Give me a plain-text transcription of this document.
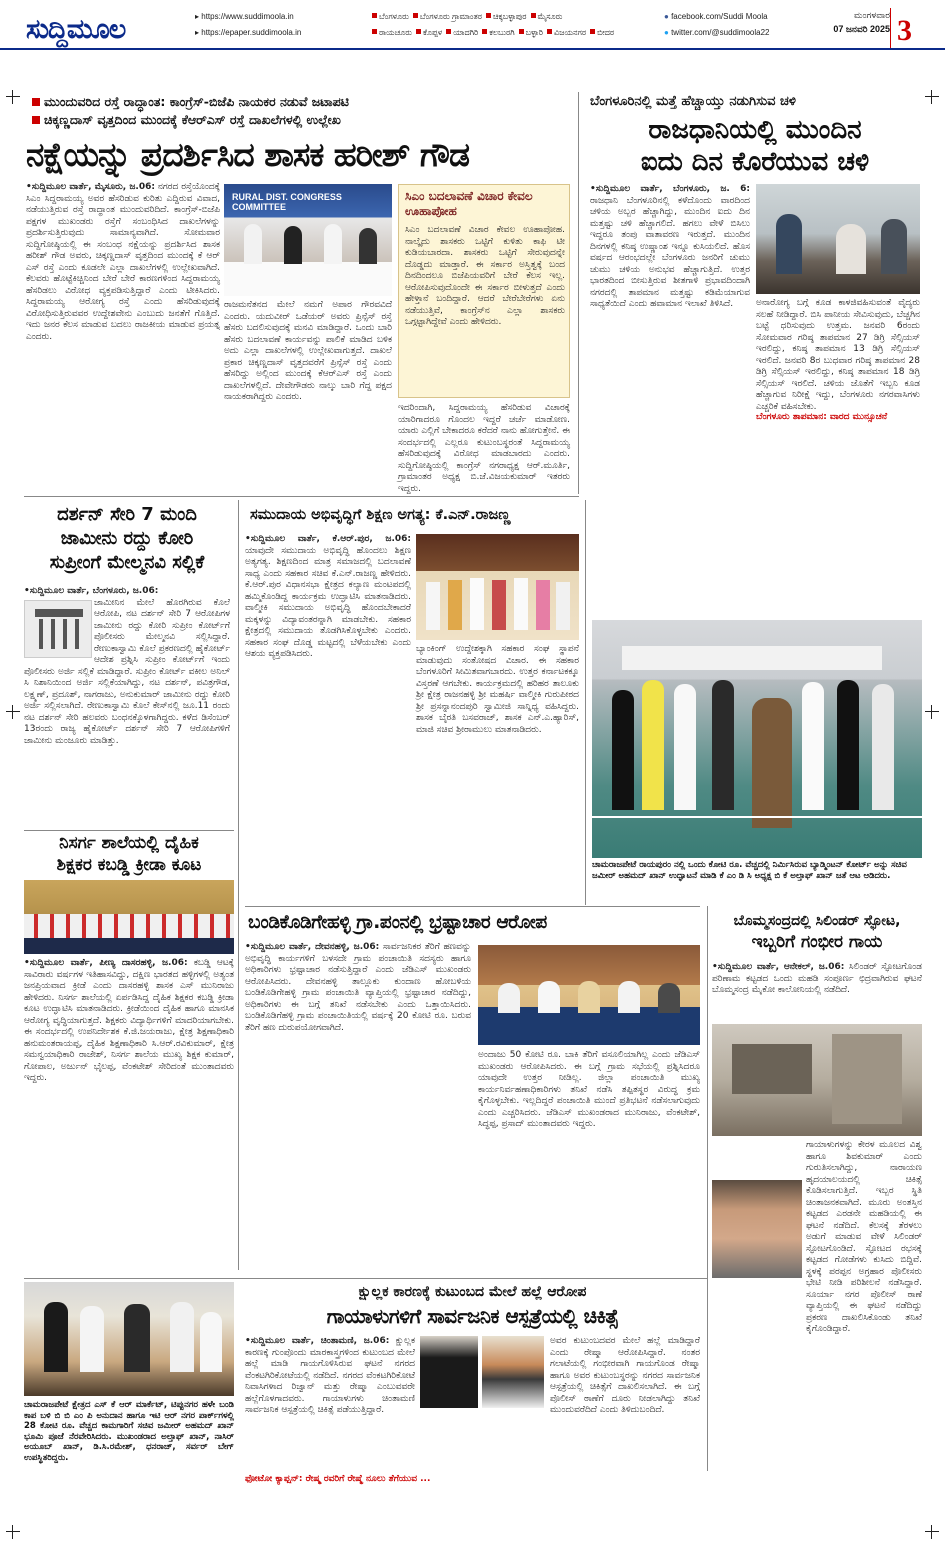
ಸುದ್ದಿಮೂಲ	▸ https://www.suddimoola.in
▸ https://epaper.suddimoola.in
ಬೆಂಗಳೂರು ಬೆಂಗಳೂರು ಗ್ರಾಮಾಂತರ ಚಿಕ್ಕಬಳ್ಳಾಪುರ ಮೈಸೂರು
ರಾಯಚೂರು ಕೊಪ್ಪಳ ಯಾದಗಿರಿ ಕಲಬುರಗಿ ಬಳ್ಳಾರಿ ವಿಜಯನಗರ ಬೀದರ
● facebook.com/Suddi Moola
● twitter.com/@suddimoola22
ಮಂಗಳವಾರ
07 ಜನವರಿ 2025 3
ಮುಂದುವರಿದ ರಸ್ತೆ ರಾದ್ಧಾಂತ: ಕಾಂಗ್ರೆಸ್-ಬಿಜೆಪಿ ನಾಯಕರ ನಡುವೆ ಜಟಾಪಟಿ
ಚಿಕ್ಕಣ್ಣದಾಸ್ ವೃತ್ತದಿಂದ ಮುಂದಕ್ಕೆ ಕೆಆರ್‌ಎಸ್ ರಸ್ತೆ ದಾಖಲೆಗಳಲ್ಲಿ ಉಲ್ಲೇಖ
ನಕ್ಷೆಯನ್ನು ಪ್ರದರ್ಶಿಸಿದ ಶಾಸಕ ಹರೀಶ್ ಗೌಡ
•ಸುದ್ದಿಮೂಲ ವಾರ್ತೆ, ಮೈಸೂರು, ಜ.06: ನಗರದ ರಸ್ತೆಯೊಂದಕ್ಕೆ ಸಿಎಂ ಸಿದ್ದರಾಮಯ್ಯ ಅವರ ಹೆಸರಿಡುವ ಕುರಿತು ಎದ್ದಿರುವ ವಿವಾದ, ನಡೆಯುತ್ತಿರುವ ರಸ್ತೆ ರಾದ್ಧಾಂತ ಮುಂದುವರಿದಿದೆ. ಕಾಂಗ್ರೆಸ್-ಬಿಜೆಪಿ ಪಕ್ಷಗಳ ಮುಖಂಡರು ರಸ್ತೆಗೆ ಸಂಬಂಧಿಸಿದ ದಾಖಲೆಗಳನ್ನು ಪ್ರದರ್ಶಿಸುತ್ತಿರುವುದು ಸಾಮಾನ್ಯವಾಗಿದೆ. ಸೋಮವಾರ ಸುದ್ದಿಗೋಷ್ಠಿಯಲ್ಲಿ ಈ ಸಂಬಂಧ ನಕ್ಷೆಯನ್ನು ಪ್ರದರ್ಶಿಸಿದ ಶಾಸಕ ಹರೀಶ್ ಗೌಡ ಅವರು, ಚಿಕ್ಕಣ್ಣದಾಸ್ ವೃತ್ತದಿಂದ ಮುಂದಕ್ಕೆ ಕೆ ಆರ್ ಎಸ್ ರಸ್ತೆ ಎಂದು ಕೂಡಲೇ ಎಲ್ಲಾ ದಾಖಲೆಗಳಲ್ಲಿ ಉಲ್ಲೇಖವಾಗಿದೆ. ಕೆಲವರು ಹೊಟ್ಟೆಕಿಚ್ಚಿನಿಂದ ಬೇರೆ ಬೇರೆ ಕಾರಣಗಳಿಂದ ಸಿದ್ದರಾಮಯ್ಯ ಹೆಸರಿಡಲು ವಿರೋಧ ವ್ಯಕ್ತಪಡಿಸುತ್ತಿದ್ದಾರೆ ಎಂದು ಟೀಕಿಸಿದರು. ಸಿದ್ದರಾಮಯ್ಯ ಆರೋಗ್ಯ ರಸ್ತೆ ಎಂದು ಹೆಸರಿಡುವುದಕ್ಕೆ ವಿರೋಧಿಸುತ್ತಿರುವವರ ಉದ್ದೇಶವೇನು ಎಂಬುದು ಜನತೆಗೆ ಗೊತ್ತಿದೆ. ಇದು ಜನರ ಕೆಲಸ ಮಾಡುವ ಬದಲು ರಾಜಕೀಯ ಮಾಡುವ ಪ್ರಯತ್ನ ಎಂದರು.
RURAL DIST. CONGRESS COMMITTEE
ರಾಜಮನೆತನದ ಮೇಲೆ ನಮಗೆ ಅಪಾರ ಗೌರವವಿದೆ ಎಂದರು. ಯದುವೀರ್ ಒಡೆಯರ್ ಅವರು ಪ್ರಿನ್ಸೆಸ್ ರಸ್ತೆ ಹೆಸರು ಬದಲಿಸುವುದಕ್ಕೆ ಮನವಿ ಮಾಡಿದ್ದಾರೆ. ಒಂದು ಬಾರಿ ಹೆಸರು ಬದಲಾವಣೆ ಕಾರ್ಯವನ್ನು ಪಾಲಿಕೆ ಮಾಡಿದ ಬಳಿಕ ಅದು ಎಲ್ಲಾ ದಾಖಲೆಗಳಲ್ಲಿ ಉಲ್ಲೇಖವಾಗುತ್ತದೆ. ದಾಖಲೆ ಪ್ರಕಾರ ಚಿಕ್ಕಣ್ಣದಾಸ್ ವೃತ್ತದವರೆಗೆ ಪ್ರಿನ್ಸೆಸ್ ರಸ್ತೆ ಎಂದು ಹೆಸರಿದ್ದು ಅಲ್ಲಿಂದ ಮುಂದಕ್ಕೆ ಕೆಆರ್‌ಎಸ್ ರಸ್ತೆ ಎಂದು ದಾಖಲೆಗಳಲ್ಲಿದೆ. ದೇವೇಗೌಡರು ನಾಲ್ಕು ಬಾರಿ ಗೆದ್ದ ಪಕ್ಷದ ನಾಯಕರಾಗಿದ್ದರು ಎಂದರು.
ಇದರಿಂದಾಗಿ, ಸಿದ್ದರಾಮಯ್ಯ ಹೆಸರಿಡುವ ವಿಚಾರಕ್ಕೆ ಯಾರಿಗಾದರೂ ಗೊಂದಲ ಇದ್ದರೆ ಚರ್ಚೆ ಮಾಡೋಣ. ಯಾರು ಎಲ್ಲಿಗೆ ಬೇಕಾದರೂ ಕರೆದರೆ ನಾನು ಹೋಗುತ್ತೇನೆ. ಈ ಸಂದರ್ಭದಲ್ಲಿ ಎಲ್ಲರೂ ಕುಟುಂಬಸ್ಥರಂತೆ ಸಿದ್ದರಾಮಯ್ಯ ಹೆಸರಿಡುವುದಕ್ಕೆ ವಿರೋಧ ಮಾಡಬಾರದು ಎಂದರು. ಸುದ್ದಿಗೋಷ್ಠಿಯಲ್ಲಿ ಕಾಂಗ್ರೆಸ್ ನಗರಾಧ್ಯಕ್ಷ ಆರ್.ಮೂರ್ತಿ, ಗ್ರಾಮಾಂತರ ಅಧ್ಯಕ್ಷ ಬಿ.ಜೆ.ವಿಜಯಕುಮಾರ್ ಇತರರು ಇದ್ದರು.
ಸಿಎಂ ಬದಲಾವಣೆ ವಿಚಾರ ಕೇವಲ ಊಹಾಪೋಹ
ಸಿಎಂ ಬದಲಾವಣೆ ವಿಚಾರ ಕೇವಲ ಊಹಾಪೋಹ. ನಾಲ್ಕೈದು ಶಾಸಕರು ಒಟ್ಟಿಗೆ ಕುಳಿತು ಕಾಫಿ ಟೀ ಕುಡಿಯಬಾರದಾ. ಶಾಸಕರು ಒಟ್ಟಿಗೆ ಸೇರುವುದನ್ನೇ ದೊಡ್ಡದು ಮಾಡ್ತಾರೆ. ಈ ಸರ್ಕಾರ ಅಸ್ತಿತ್ವಕ್ಕೆ ಬಂದ ದಿನದಿಂದಲೂ ಬಿಜೆಪಿಯವರಿಗೆ ಬೇರೆ ಕೆಲಸ ಇಲ್ಲ. ಆರೋಪಿಸುವುದೊಂದೇ ಈ ಸರ್ಕಾರ ಬೀಳುತ್ತದೆ ಎಂದು ಹೇಳ್ತಾನೆ ಬಂದಿದ್ದಾರೆ. ಆದರೆ ಬೇರೆಬೇರೆಗಳು ಏನು ನಡೆಯುತ್ತಿವೆ, ಕಾಂಗ್ರೆಸ್‌ನ ಎಲ್ಲಾ ಶಾಸಕರು ಒಗ್ಗಟ್ಟಾಗಿದ್ದೇವೆ ಎಂದು ಹೇಳಿದರು.
ಬೆಂಗಳೂರಿನಲ್ಲಿ ಮತ್ತೆ ಹೆಚ್ಚಾಯ್ತು ನಡುಗಿಸುವ ಚಳಿ
ರಾಜಧಾನಿಯಲ್ಲಿ ಮುಂದಿನ
ಐದು ದಿನ ಕೊರೆಯುವ ಚಳಿ
•ಸುದ್ದಿಮೂಲ ವಾರ್ತೆ, ಬೆಂಗಳೂರು, ಜ. 6: ರಾಜಧಾನಿ ಬೆಂಗಳೂರಿನಲ್ಲಿ ಕಳೆದೊಂದು ವಾರದಿಂದ ಚಳಿಯ ಅಬ್ಬರ ಹೆಚ್ಚಾಗಿದ್ದು, ಮುಂದಿನ ಐದು ದಿನ ಮತ್ತಷ್ಟು ಚಳಿ ಹೆಚ್ಚಾಗಲಿದೆ. ಹಗಲು ವೇಳೆ ಬಿಸಿಲು ಇದ್ದರೂ ತಂಪು ವಾತಾವರಣ ಇರುತ್ತದೆ. ಮುಂದಿನ ದಿನಗಳಲ್ಲಿ ಕನಿಷ್ಠ ಉಷ್ಣಾಂಶ ಇನ್ನೂ ಕುಸಿಯಲಿದೆ. ಹೊಸ ವರ್ಷದ ಆರಂಭದಲ್ಲೇ ಬೆಂಗಳೂರು ಜನರಿಗೆ ಚುಮು ಚುಮು ಚಳಿಯ ಅನುಭವ ಹೆಚ್ಚಾಗುತ್ತಿದೆ. ಉತ್ತರ ಭಾರತದಿಂದ ಬೀಸುತ್ತಿರುವ ಶೀತಗಾಳಿ ಪ್ರಭಾವದಿಂದಾಗಿ ನಗರದಲ್ಲಿ ತಾಪಮಾನ ಮತ್ತಷ್ಟು ಕಡಿಮೆಯಾಗುವ ಸಾಧ್ಯತೆಯಿದೆ ಎಂದು ಹವಾಮಾನ ಇಲಾಖೆ ತಿಳಿಸಿದೆ.	ಅನಾರೋಗ್ಯ ಬಗ್ಗೆ ಕೂಡ ಕಾಳಜಿವಹಿಸುವಂತೆ ವೈದ್ಯರು ಸಲಹೆ ನೀಡಿದ್ದಾರೆ. ಬಿಸಿ ಪಾನೀಯ ಸೇವಿಸುವುದು, ಬೆಚ್ಚಗಿನ ಬಟ್ಟೆ ಧರಿಸುವುದು ಉತ್ತಮ. ಜನವರಿ 6ರಂದು ಸೋಮವಾರ ಗರಿಷ್ಠ ತಾಪಮಾನ 27 ಡಿಗ್ರಿ ಸೆಲ್ಸಿಯಸ್ ಇರಲಿದ್ದು, ಕನಿಷ್ಠ ತಾಪಮಾನ 13 ಡಿಗ್ರಿ ಸೆಲ್ಸಿಯಸ್ ಇರಲಿದೆ. ಜನವರಿ 8ರ ಬುಧವಾರ ಗರಿಷ್ಠ ತಾಪಮಾನ 28 ಡಿಗ್ರಿ ಸೆಲ್ಸಿಯಸ್ ಇರಲಿದ್ದು, ಕನಿಷ್ಠ ತಾಪಮಾನ 18 ಡಿಗ್ರಿ ಸೆಲ್ಸಿಯಸ್ ಇರಲಿದೆ. ಚಳಿಯ ಜೊತೆಗೆ ಇಬ್ಬನಿ ಕೂಡ ಹೆಚ್ಚಾಗುವ ನಿರೀಕ್ಷೆ ಇದ್ದು, ಬೆಂಗಳೂರು ನಗರವಾಸಿಗಳು ಎಚ್ಚರಿಕೆ ವಹಿಸಬೇಕು.
ಬೆಂಗಳೂರು ತಾಪಮಾನ: ವಾರದ ಮುನ್ಸೂಚನೆ
ದರ್ಶನ್ ಸೇರಿ 7 ಮಂದಿ
ಜಾಮೀನು ರದ್ದು ಕೋರಿ
ಸುಪ್ರೀಂಗೆ ಮೇಲ್ಮನವಿ ಸಲ್ಲಿಕೆ
•ಸುದ್ದಿಮೂಲ ವಾರ್ತೆ, ಬೆಂಗಳೂರು, ಜ.06:

ಜಾಮೀನಿನ ಮೇಲೆ ಹೊರಗಿರುವ ಕೊಲೆ ಆರೋಪಿ, ನಟ ದರ್ಶನ್ ಸೇರಿ 7 ಆರೋಪಿಗಳ ಜಾಮೀನು ರದ್ದು ಕೋರಿ ಸುಪ್ರೀಂ ಕೋರ್ಟ್‌ಗೆ ಪೊಲೀಸರು ಮೇಲ್ಮನವಿ ಸಲ್ಲಿಸಿದ್ದಾರೆ. ರೇಣುಕಾಸ್ವಾಮಿ ಕೊಲೆ ಪ್ರಕರಣದಲ್ಲಿ ಹೈಕೋರ್ಟ್ ಆದೇಶ ಪ್ರಶ್ನಿಸಿ ಸುಪ್ರೀಂ ಕೋರ್ಟ್‌ಗೆ ಇಂದು ಪೊಲೀಸರು ಅರ್ಜಿ ಸಲ್ಲಿಕೆ ಮಾಡಿದ್ದಾರೆ. ಸುಪ್ರೀಂ ಕೋರ್ಟ್ ವಕೀಲ ಅನಿಲ್ ಸಿ ನಿಶಾನಿಯಿಂದ ಅರ್ಜಿ ಸಲ್ಲಿಕೆಯಾಗಿದ್ದು, ನಟ ದರ್ಶನ್, ಪವಿತ್ರಗೌಡ, ಲಕ್ಷ್ಮಣ್, ಪ್ರದೂಶ್, ನಾಗರಾಜು, ಅನುಕುಮಾರ್ ಜಾಮೀನು ರದ್ದು ಕೋರಿ ಅರ್ಜಿ ಸಲ್ಲಿಸಲಾಗಿದೆ. ರೇಣುಕಾಸ್ವಾಮಿ ಕೊಲೆ ಕೇಸ್‌ನಲ್ಲಿ ಜೂ.11 ರಂದು ನಟ ದರ್ಶನ್ ಸೇರಿ ಹಲವರು ಬಂಧನಕ್ಕೊಳಗಾಗಿದ್ದರು. ಕಳೆದ ಡಿಸೆಂಬರ್ 13ರಂದು ರಾಜ್ಯ ಹೈಕೋರ್ಟ್ ದರ್ಶನ್ ಸೇರಿ 7 ಆರೋಪಿಗಳಿಗೆ ಜಾಮೀನು ಮಂಜೂರು ಮಾಡಿತ್ತು.
ನಿಸರ್ಗ ಶಾಲೆಯಲ್ಲಿ ದೈಹಿಕ
ಶಿಕ್ಷಕರ ಕಬಡ್ಡಿ ಕ್ರೀಡಾ ಕೂಟ
•ಸುದ್ದಿಮೂಲ ವಾರ್ತೆ, ಪೀಣ್ಯ ದಾಸರಹಳ್ಳಿ, ಜ.06: ಕಬಡ್ಡಿ ಆಟಕ್ಕೆ ಸಾವಿರಾರು ವರ್ಷಗಳ ಇತಿಹಾಸವಿದ್ದು, ದಕ್ಷಿಣ ಭಾರತದ ಹಳ್ಳಿಗಳಲ್ಲಿ ಅತ್ಯಂತ ಜನಪ್ರಿಯವಾದ ಕ್ರೀಡೆ ಎಂದು ದಾಸರಹಳ್ಳಿ ಶಾಸಕ ಎಸ್ ಮುನಿರಾಜು ಹೇಳಿದರು. ನಿಸರ್ಗ ಶಾಲೆಯಲ್ಲಿ ಏರ್ಪಡಿಸಿದ್ದ ದೈಹಿಕ ಶಿಕ್ಷಕರ ಕಬಡ್ಡಿ ಕ್ರೀಡಾ ಕೂಟ ಉದ್ಘಾಟಿಸಿ ಮಾತನಾಡಿದರು. ಕ್ರೀಡೆಯಿಂದ ದೈಹಿಕ ಹಾಗೂ ಮಾನಸಿಕ ಆರೋಗ್ಯ ವೃದ್ಧಿಯಾಗುತ್ತದೆ. ಶಿಕ್ಷಕರು ವಿದ್ಯಾರ್ಥಿಗಳಿಗೆ ಮಾದರಿಯಾಗಬೇಕು. ಈ ಸಂದರ್ಭದಲ್ಲಿ ಉಪನಿರ್ದೇಶಕ ಕೆ.ಜಿ.ಜಯರಾಜು, ಕ್ಷೇತ್ರ ಶಿಕ್ಷಣಾಧಿಕಾರಿ ಹನುಮಂತರಾಯಪ್ಪ, ದೈಹಿಕ ಶಿಕ್ಷಣಾಧಿಕಾರಿ ಸಿ.ಆರ್.ರವಿಕುಮಾರ್, ಕ್ಷೇತ್ರ ಸಮನ್ವಯಾಧಿಕಾರಿ ರಾಜೇಶ್, ನಿಸರ್ಗ ಶಾಲೆಯ ಮುಖ್ಯ ಶಿಕ್ಷಕ ಕುಮಾರ್, ಗೋಪಾಲ, ಅರ್ಜುನ್ ಭೈಲಪ್ಪ, ವೆಂಕಟೇಶ್ ಸೇರಿದಂತೆ ಮುಂತಾದವರು ಇದ್ದರು.
ಸಮುದಾಯ ಅಭಿವೃದ್ಧಿಗೆ ಶಿಕ್ಷಣ ಅಗತ್ಯ: ಕೆ.ಎನ್.ರಾಜಣ್ಣ
•ಸುದ್ದಿಮೂಲ ವಾರ್ತೆ, ಕೆ.ಆರ್.ಪುರ, ಜ.06: ಯಾವುದೇ ಸಮುದಾಯ ಅಭಿವೃದ್ಧಿ ಹೊಂದಲು ಶಿಕ್ಷಣ ಅತ್ಯಗತ್ಯ. ಶಿಕ್ಷಣದಿಂದ ಮಾತ್ರ ಸಮಾಜದಲ್ಲಿ ಬದಲಾವಣೆ ಸಾಧ್ಯ ಎಂದು ಸಹಕಾರ ಸಚಿವ ಕೆ.ಎನ್.ರಾಜಣ್ಣ ಹೇಳಿದರು. ಕೆ.ಆರ್.ಪುರ ವಿಧಾನಸಭಾ ಕ್ಷೇತ್ರದ ಕಲ್ಯಾಣ ಮಂಟಪದಲ್ಲಿ ಹಮ್ಮಿಕೊಂಡಿದ್ದ ಕಾರ್ಯಕ್ರಮ ಉದ್ಘಾಟಿಸಿ ಮಾತನಾಡಿದರು. ವಾಲ್ಮೀಕಿ ಸಮುದಾಯ ಅಭಿವೃದ್ಧಿ ಹೊಂದಬೇಕಾದರೆ ಮಕ್ಕಳನ್ನು ವಿದ್ಯಾವಂತರನ್ನಾಗಿ ಮಾಡಬೇಕು. ಸಹಕಾರ ಕ್ಷೇತ್ರದಲ್ಲಿ ಸಮುದಾಯ ತೊಡಗಿಸಿಕೊಳ್ಳಬೇಕು ಎಂದರು. ಸಹಕಾರ ಸಂಘ ದೊಡ್ಡ ಮಟ್ಟದಲ್ಲಿ ಬೆಳೆಯಬೇಕು ಎಂದು ಆಶಯ ವ್ಯಕ್ತಪಡಿಸಿದರು.	ಬ್ಯಾಂಕಿಂಗ್ ಉದ್ದೇಶಕ್ಕಾಗಿ ಸಹಕಾರ ಸಂಘ ಸ್ಥಾಪನೆ ಮಾಡುವುದು ಸಂತೋಷದ ವಿಚಾರ. ಈ ಸಹಕಾರ ಬೆಂಗಳೂರಿಗೆ ಸೀಮಿತವಾಗಬಾರದು. ಉತ್ತರ ಕರ್ನಾಟಕಕ್ಕೂ ವಿಸ್ತರಣೆ ಆಗಬೇಕು. ಕಾರ್ಯಕ್ರಮದಲ್ಲಿ ಹರಿಹರ ತಾಲೂಕು ಶ್ರೀ ಕ್ಷೇತ್ರ ರಾಜನಹಳ್ಳಿ ಶ್ರೀ ಮಹರ್ಷಿ ವಾಲ್ಮೀಕಿ ಗುರುಪೀಠದ ಶ್ರೀ ಪ್ರಸನ್ನಾನಂದಪುರಿ ಸ್ವಾಮೀಜಿ ಸಾನ್ನಿಧ್ಯ ವಹಿಸಿದ್ದರು. ಶಾಸಕ ಬೈರತಿ ಬಸವರಾಜ್, ಶಾಸಕ ಎನ್.ಎ.ಹ್ಯಾರಿಸ್, ಮಾಜಿ ಸಚಿವ ಶ್ರೀರಾಮುಲು ಮಾತನಾಡಿದರು.
ಚಾಮರಾಜಪೇಟೆ ರಾಯಪುರಂ ನಲ್ಲಿ ಒಂದು ಕೋಟಿ ರೂ. ವೆಚ್ಚದಲ್ಲಿ ನಿರ್ಮಿಸಿರುವ ಬ್ಯಾಡ್ಮಿಂಟನ್ ಕೋರ್ಟ್ ಅನ್ನು ಸಚಿವ ಜಮೀರ್ ಅಹಮದ್ ಖಾನ್ ಉದ್ಘಾಟನೆ ಮಾಡಿ ಕೆ ಎಂ ಡಿ ಸಿ ಅಧ್ಯಕ್ಷ ಬಿ ಕೆ ಅಲ್ತಾಫ್ ಖಾನ್ ಜತೆ ಆಟ ಆಡಿದರು.
ಬಂಡಿಕೊಡಿಗೇಹಳ್ಳಿ ಗ್ರಾ.ಪಂನಲ್ಲಿ ಭ್ರಷ್ಟಾಚಾರ ಆರೋಪ
•ಸುದ್ದಿಮೂಲ ವಾರ್ತೆ, ದೇವನಹಳ್ಳಿ, ಜ.06: ಸಾರ್ವಜನಿಕರ ತೆರಿಗೆ ಹಣವನ್ನು ಅಭಿವೃದ್ಧಿ ಕಾರ್ಯಗಳಿಗೆ ಬಳಸದೇ ಗ್ರಾಮ ಪಂಚಾಯಿತಿ ಸದಸ್ಯರು ಹಾಗೂ ಅಧಿಕಾರಿಗಳು ಭ್ರಷ್ಟಾಚಾರ ನಡೆಸುತ್ತಿದ್ದಾರೆ ಎಂದು ಜೆಡಿಎಸ್ ಮುಖಂಡರು ಆರೋಪಿಸಿದರು. ದೇವನಹಳ್ಳಿ ತಾಲ್ಲೂಕು ಕುಂದಾಣ ಹೋಬಳಿಯ ಬಂಡಿಕೊಡಿಗೇಹಳ್ಳಿ ಗ್ರಾಮ ಪಂಚಾಯಿತಿ ವ್ಯಾಪ್ತಿಯಲ್ಲಿ ಭ್ರಷ್ಟಾಚಾರ ನಡೆದಿದ್ದು, ಅಧಿಕಾರಿಗಳು ಈ ಬಗ್ಗೆ ತನಿಖೆ ನಡೆಸಬೇಕು ಎಂದು ಒತ್ತಾಯಿಸಿದರು. ಬಂಡಿಕೊಡಿಗೆಹಳ್ಳಿ ಗ್ರಾಮ ಪಂಚಾಯಿತಿಯಲ್ಲಿ ವರ್ಷಕ್ಕೆ 20 ಕೋಟಿ ರೂ. ಬರುವ ತೆರಿಗೆ ಹಣ ದುರುಪಯೋಗವಾಗಿದೆ.
ಅಂದಾಜು 50 ಕೋಟಿ ರೂ. ಬಾಕಿ ತೆರಿಗೆ ವಸೂಲಿಯಾಗಿಲ್ಲ ಎಂದು ಜೆಡಿಎಸ್ ಮುಖಂಡರು ಆರೋಪಿಸಿದರು. ಈ ಬಗ್ಗೆ ಗ್ರಾಮ ಸಭೆಯಲ್ಲಿ ಪ್ರಶ್ನಿಸಿದರೂ ಯಾವುದೇ ಉತ್ತರ ನೀಡಿಲ್ಲ. ಜಿಲ್ಲಾ ಪಂಚಾಯಿತಿ ಮುಖ್ಯ ಕಾರ್ಯನಿರ್ವಹಣಾಧಿಕಾರಿಗಳು ತನಿಖೆ ನಡೆಸಿ ತಪ್ಪಿತಸ್ಥರ ವಿರುದ್ಧ ಕ್ರಮ ಕೈಗೊಳ್ಳಬೇಕು. ಇಲ್ಲದಿದ್ದರೆ ಪಂಚಾಯಿತಿ ಮುಂದೆ ಪ್ರತಿಭಟನೆ ನಡೆಸಲಾಗುವುದು ಎಂದು ಎಚ್ಚರಿಸಿದರು. ಜೆಡಿಎಸ್ ಮುಖಂಡರಾದ ಮುನಿರಾಜು, ವೆಂಕಟೇಶ್, ಸಿದ್ಧಪ್ಪ, ಪ್ರಸಾದ್ ಮುಂತಾದವರು ಇದ್ದರು.
ಬೊಮ್ಮಸಂದ್ರದಲ್ಲಿ ಸಿಲಿಂಡರ್ ಸ್ಫೋಟ,
ಇಬ್ಬರಿಗೆ ಗಂಭೀರ ಗಾಯ
•ಸುದ್ದಿಮೂಲ ವಾರ್ತೆ, ಆನೇಕಲ್, ಜ.06: ಸಿಲಿಂಡರ್ ಸ್ಫೋಟಗೊಂಡ ಪರಿಣಾಮ ಕಟ್ಟಡದ ಒಂದು ಮಹಡಿ ಸಂಪೂರ್ಣ ಛಿದ್ರವಾಗಿರುವ ಘಟನೆ ಬೊಮ್ಮಸಂದ್ರ ಮೈಕೋ ಕಾಲೋನಿಯಲ್ಲಿ ನಡೆದಿದೆ.
ಗಾಯಾಳುಗಳನ್ನು ಕೇರಳ ಮೂಲದ ವಿಶ್ವ ಹಾಗೂ ಶಿವಕುಮಾರ್ ಎಂದು ಗುರುತಿಸಲಾಗಿದ್ದು, ನಾರಾಯಣ ಹೃದಯಾಲಯದಲ್ಲಿ ಚಿಕಿತ್ಸೆ ಕೊಡಿಸಲಾಗುತ್ತಿದೆ. ಇಬ್ಬರ ಸ್ಥಿತಿ ಚಿಂತಾಜನಕವಾಗಿದೆ. ಮೂರು ಅಂತಸ್ತಿನ ಕಟ್ಟಡದ ಎರಡನೇ ಮಹಡಿಯಲ್ಲಿ ಈ ಘಟನೆ ನಡೆದಿದೆ. ಕೆಲಸಕ್ಕೆ ತೆರಳಲು ಅಡುಗೆ ಮಾಡುವ ವೇಳೆ ಸಿಲಿಂಡರ್ ಸ್ಫೋಟಗೊಂಡಿದೆ. ಸ್ಫೋಟದ ರಭಸಕ್ಕೆ ಕಟ್ಟಡದ ಗೋಡೆಗಳು ಕುಸಿದು ಬಿದ್ದಿವೆ. ಸ್ಥಳಕ್ಕೆ ಪರಪ್ಪನ ಅಗ್ರಹಾರ ಪೊಲೀಸರು ಭೇಟಿ ನೀಡಿ ಪರಿಶೀಲನೆ ನಡೆಸಿದ್ದಾರೆ. ಸೂರ್ಯಾ ನಗರ ಪೊಲೀಸ್ ಠಾಣೆ ವ್ಯಾಪ್ತಿಯಲ್ಲಿ ಈ ಘಟನೆ ನಡೆದಿದ್ದು ಪ್ರಕರಣ ದಾಖಲಿಸಿಕೊಂಡು ತನಿಖೆ ಕೈಗೊಂಡಿದ್ದಾರೆ.
ಚಾಮರಾಜಪೇಟೆ ಕ್ಷೇತ್ರದ ಎಸ್ ಕೆ ಆರ್ ಮಾರ್ಕೆಟ್, ಟಿಪ್ಪುನಗರ ಹಳೇ ಬಂಡಿ ಕಾಪ ಬಳಿ ಬಿ ಬಿ ಎಂ ಪಿ ಅನುದಾನ ಹಾಗೂ ಇಟಿ ಆರ್ ನಗರ ಪಾರ್ಕ್‌ಗಳಲ್ಲಿ 28 ಕೋಟಿ ರೂ. ವೆಚ್ಚದ ಕಾಮಗಾರಿಗೆ ಸಚಿವ ಜಮೀರ್ ಅಹಮದ್ ಖಾನ್ ಭೂಮಿ ಪೂಜೆ ನೆರವೇರಿಸಿದರು. ಮುಖಂಡರಾದ ಅಲ್ತಾಫ್ ಖಾನ್, ನಾಸಿರ್ ಅಯೂಬ್ ಖಾನ್, ಡಿ.ಸಿ.ರಮೇಶ್, ಧನರಾಜ್, ಸರ್ವರ್ ಬೇಗ್ ಉಪಸ್ಥಿತರಿದ್ದರು.
ಕ್ಷುಲ್ಲಕ ಕಾರಣಕ್ಕೆ ಕುಟುಂಬದ ಮೇಲೆ ಹಲ್ಲೆ ಆರೋಪ
ಗಾಯಾಳುಗಳಿಗೆ ಸಾರ್ವಜನಿಕ ಆಸ್ಪತ್ರೆಯಲ್ಲಿ ಚಿಕಿತ್ಸೆ
•ಸುದ್ದಿಮೂಲ ವಾರ್ತೆ, ಚಿಂತಾಮಣಿ, ಜ.06: ಕ್ಷುಲ್ಲಕ ಕಾರಣಕ್ಕೆ ಗುಂಪೊಂದು ಮಾರಕಾಸ್ತ್ರಗಳಿಂದ ಕುಟುಂಬದ ಮೇಲೆ ಹಲ್ಲೆ ಮಾಡಿ ಗಾಯಗೊಳಿಸಿರುವ ಘಟನೆ ನಗರದ ವೆಂಕಟಗಿರಿಕೋಟೆಯಲ್ಲಿ ನಡೆದಿದೆ. ನಗರದ ವೆಂಕಟಗಿರಿಕೋಟೆ ನಿವಾಸಿಗಳಾದ ರಿಜ್ವಾನ್ ಮತ್ತು ರೇಷ್ಮಾ ಎಂಬುವವರೇ ಹಲ್ಲೆಗೊಳಗಾದವರು. ಗಾಯಾಳುಗಳು ಚಿಂತಾಮಣಿ ಸಾರ್ವಜನಿಕ ಆಸ್ಪತ್ರೆಯಲ್ಲಿ ಚಿಕಿತ್ಸೆ ಪಡೆಯುತ್ತಿದ್ದಾರೆ.
ಅವರ ಕುಟುಂಬದವರ ಮೇಲೆ ಹಲ್ಲೆ ಮಾಡಿದ್ದಾರೆ ಎಂದು ರೇಷ್ಮಾ ಆರೋಪಿಸಿದ್ದಾರೆ. ನಂತರ ಗಲಾಟೆಯಲ್ಲಿ ಗಂಭೀರವಾಗಿ ಗಾಯಗೊಂಡ ರೇಷ್ಮಾ ಹಾಗೂ ಅವರ ಕುಟುಂಬಸ್ಥರನ್ನು ನಗರದ ಸಾರ್ವಜನಿಕ ಆಸ್ಪತ್ರೆಯಲ್ಲಿ ಚಿಕಿತ್ಸೆಗೆ ದಾಖಲಿಸಲಾಗಿದೆ. ಈ ಬಗ್ಗೆ ಪೊಲೀಸ್ ಠಾಣೆಗೆ ದೂರು ನೀಡಲಾಗಿದ್ದು ತನಿಖೆ ಮುಂದುವರೆದಿದೆ ಎಂದು ತಿಳಿದುಬಂದಿದೆ.
ಫೋಟೋ ಕ್ಯಾಪ್ಷನ್: ರೇಷ್ಮ ರವರಿಗೆ ರೇಷ್ಮೆ ನೂಲು ತೆಗೆಯುವ ...
